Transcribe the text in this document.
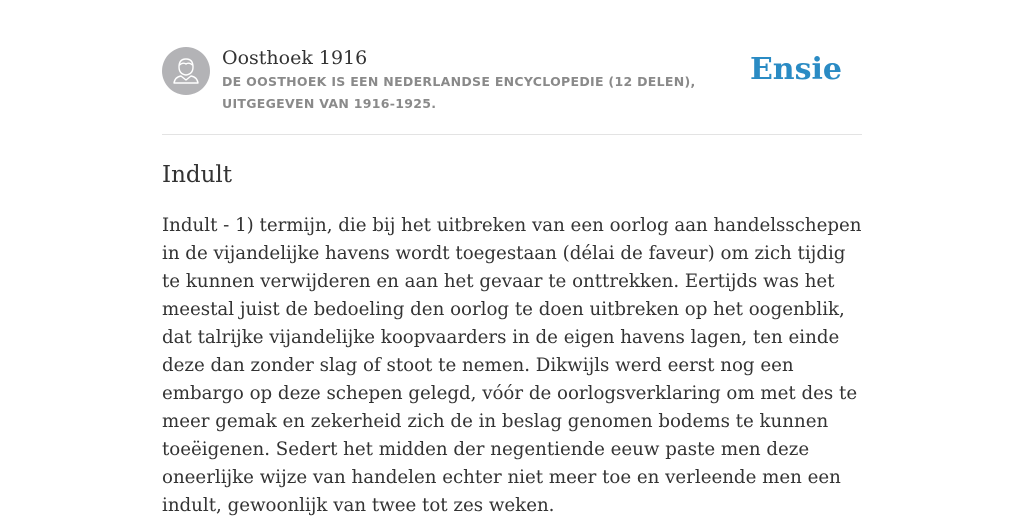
Oosthoek 1916
DE OOSTHOEK IS EEN NEDERLANDSE ENCYCLOPEDIE (12 DELEN), UITGEGEVEN VAN 1916-1925.
Ensie
Indult

Indult - 1) termijn, die bij het uitbreken van een oorlog aan handelsschepen in de vijandelijke havens wordt toegestaan (délai de faveur) om zich tijdig te kunnen verwijderen en aan het gevaar te onttrekken. Eertijds was het meestal juist de bedoeling den oorlog te doen uitbreken op het oogenblik, dat talrijke vijandelijke koopvaarders in de eigen havens lagen, ten einde deze dan zonder slag of stoot te nemen. Dikwijls werd eerst nog een embargo op deze schepen gelegd, vóór de oorlogsverklaring om met des te meer gemak en zekerheid zich de in beslag genomen bodems te kunnen toeëigenen. Sedert het midden der negentiende eeuw paste men deze oneerlijke wijze van handelen echter niet meer toe en verleende men een indult, gewoonlijk van twee tot zes weken.
